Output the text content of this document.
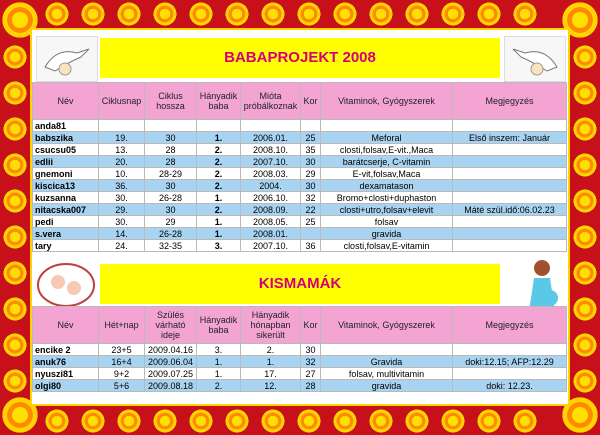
BABAPROJEKT 2008
Név	Ciklusnap	Ciklus hossza	Hányadik baba	Mióta próbálkoznak	Kor	Vitaminok, Gyógyszerek	Megjegyzés
anda81							
babszika	19.	30	1.	2006.01.	25	Meforal	Első inszem: Január
csucsu05	13.	28	2.	2008.10.	35	closti,folsav,E-vit.,Maca	
edlii	20.	28	2.	2007.10.	30	barátcserje, C-vitamin	
gnemoni	10.	28-29	2.	2008.03.	29	E-vit,folsav,Maca	
kiscica13	36.	30	2.	2004.	30	dexamatason	
kuzsanna	30.	26-28	1.	2006.10.	32	Bromo+closti+duphaston	
nitacska007	29.	30	2.	2008.09.	22	closti+utro,folsav+elevit	Máté szül.idő:06.02.23
pedi	30.	29	1.	2008.05.	25	folsav	
s.vera	14.	26-28	1.	2008.01.		gravida	
tary	24.	32-35	3.	2007.10.	36	closti,folsav,E-vitamin	
KISMAMÁK
Név	Hét+nap	Szülés várható ideje	Hányadik baba	Hányadik hónapban sikerült	Kor	Vitaminok, Gyógyszerek	Megjegyzés
encike 2	23+5	2009.04.16	3.	2.	30		
anuk76	16+4	2009.06.04	1.	1.	32	Gravida	doki:12.15; AFP:12.29
nyuszi81	9+2	2009.07.25	1.	17.	27	folsav, multivitamin	
olgi80	5+6	2009.08.18	2.	12.	28	gravida	doki: 12.23.
